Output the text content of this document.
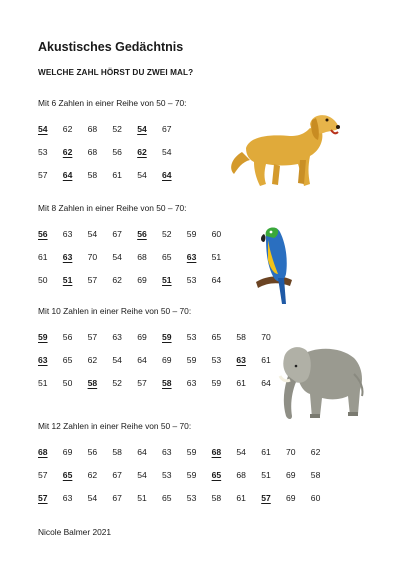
Akustisches Gedächtnis
WELCHE ZAHL HÖRST DU ZWEI MAL?
Mit 6 Zahlen in einer Reihe von 50 – 70:
54 62 68 52 54 67
53 62 68 56 62 54
57 64 58 61 54 64
Mit 8 Zahlen in einer Reihe von 50 – 70:
56 63 54 67 56 52 59 60
61 63 70 54 68 65 63 51
50 51 57 62 69 51 53 64
Mit 10 Zahlen in einer Reihe von 50 – 70:
59 56 57 63 69 59 53 65 58 70
63 65 62 54 64 69 59 53 63 61
51 50 58 52 57 58 63 59 61 64
Mit 12 Zahlen in einer Reihe von 50 – 70:
68 69 56 58 64 63 59 68 54 61 70 62
57 65 62 67 54 53 59 65 68 51 69 58
57 63 54 67 51 65 53 58 61 57 69 60
Nicole Balmer 2021
